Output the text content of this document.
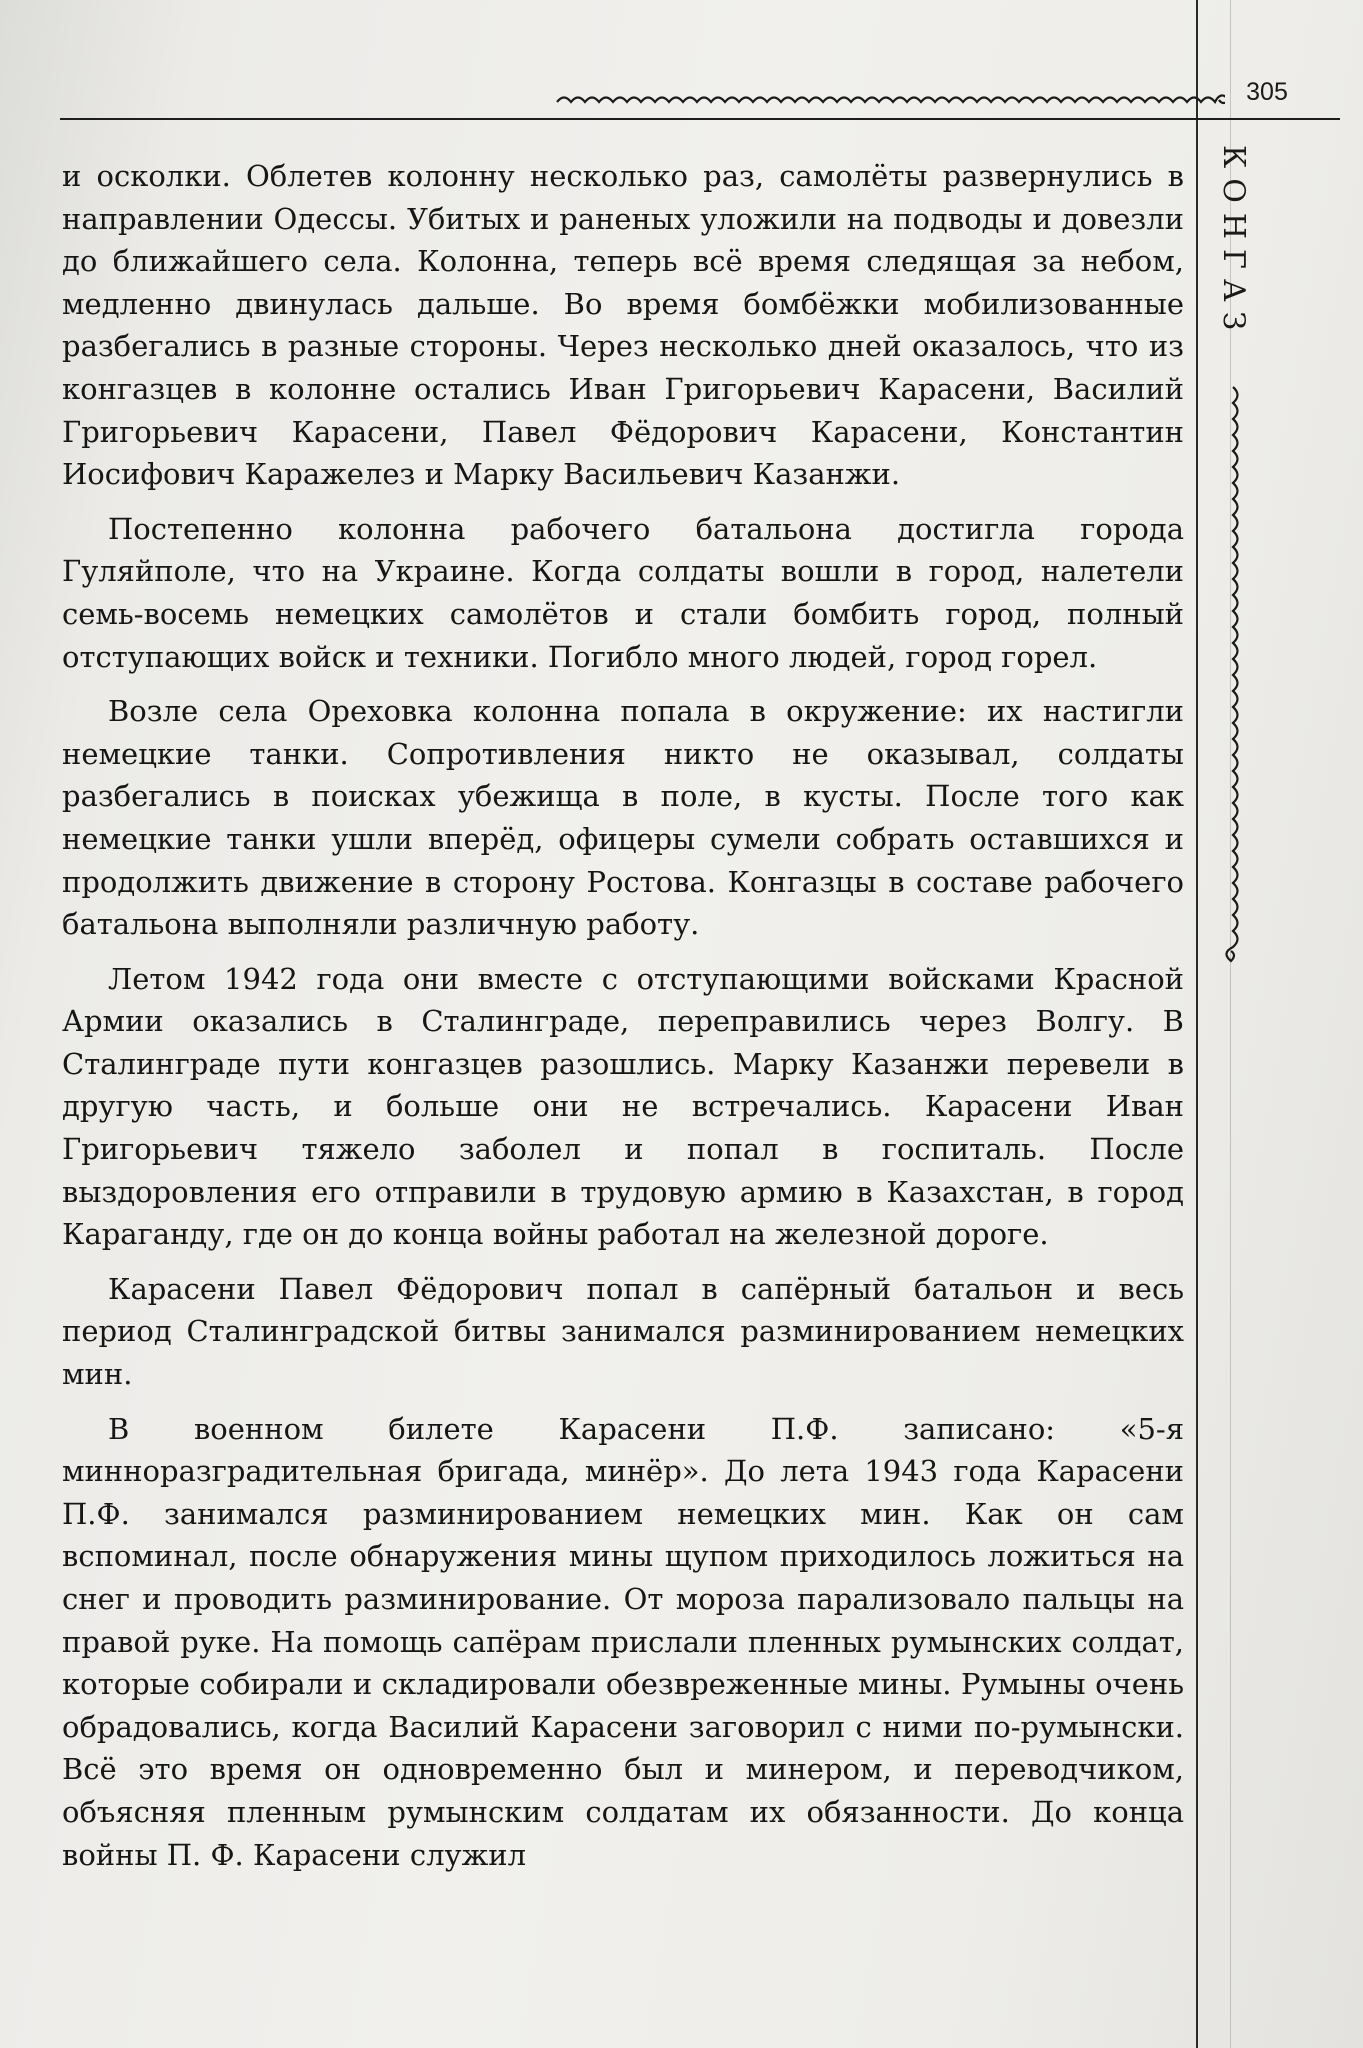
305
КОНГАЗ

и осколки. Облетев колонну несколько раз, самолёты развернулись в направлении Одессы. Убитых и раненых уложили на подводы и довезли до ближайшего села. Колонна, теперь всё время следящая за небом, медленно двинулась дальше. Во время бомбёжки мобилизованные разбегались в разные стороны. Через несколько дней оказалось, что из конгазцев в колонне остались Иван Григорьевич Карасени, Василий Григорьевич Карасени, Павел Фёдорович Карасени, Константин Иосифович Каражелез и Марку Васильевич Казанжи.

Постепенно колонна рабочего батальона достигла города Гуляйполе, что на Украине. Когда солдаты вошли в город, налетели семь-восемь немецких самолётов и стали бомбить город, полный отступающих войск и техники. Погибло много людей, город горел.

Возле села Ореховка колонна попала в окружение: их настигли немецкие танки. Сопротивления никто не оказывал, солдаты разбегались в поисках убежища в поле, в кусты. После того как немецкие танки ушли вперёд, офицеры сумели собрать оставшихся и продолжить движение в сторону Ростова. Конгазцы в составе рабочего батальона выполняли различную работу.

Летом 1942 года они вместе с отступающими войсками Красной Армии оказались в Сталинграде, переправились через Волгу. В Сталинграде пути конгазцев разошлись. Марку Казанжи перевели в другую часть, и больше они не встречались. Карасени Иван Григорьевич тяжело заболел и попал в госпиталь. После выздоровления его отправили в трудовую армию в Казахстан, в город Караганду, где он до конца войны работал на железной дороге.

Карасени Павел Фёдорович попал в сапёрный батальон и весь период Сталинградской битвы занимался разминированием немецких мин.

В военном билете Карасени П.Ф. записано: «5-я минноразградительная бригада, минёр». До лета 1943 года Карасени П.Ф. занимался разминированием немецких мин. Как он сам вспоминал, после обнаружения мины щупом приходилось ложиться на снег и проводить разминирование. От мороза парализовало пальцы на правой руке. На помощь сапёрам прислали пленных румынских солдат, которые собирали и складировали обезвреженные мины. Румыны очень обрадовались, когда Василий Карасени заговорил с ними по-румынски. Всё это время он одновременно был и минером, и переводчиком, объясняя пленным румынским солдатам их обязанности. До конца войны П. Ф. Карасени служил
